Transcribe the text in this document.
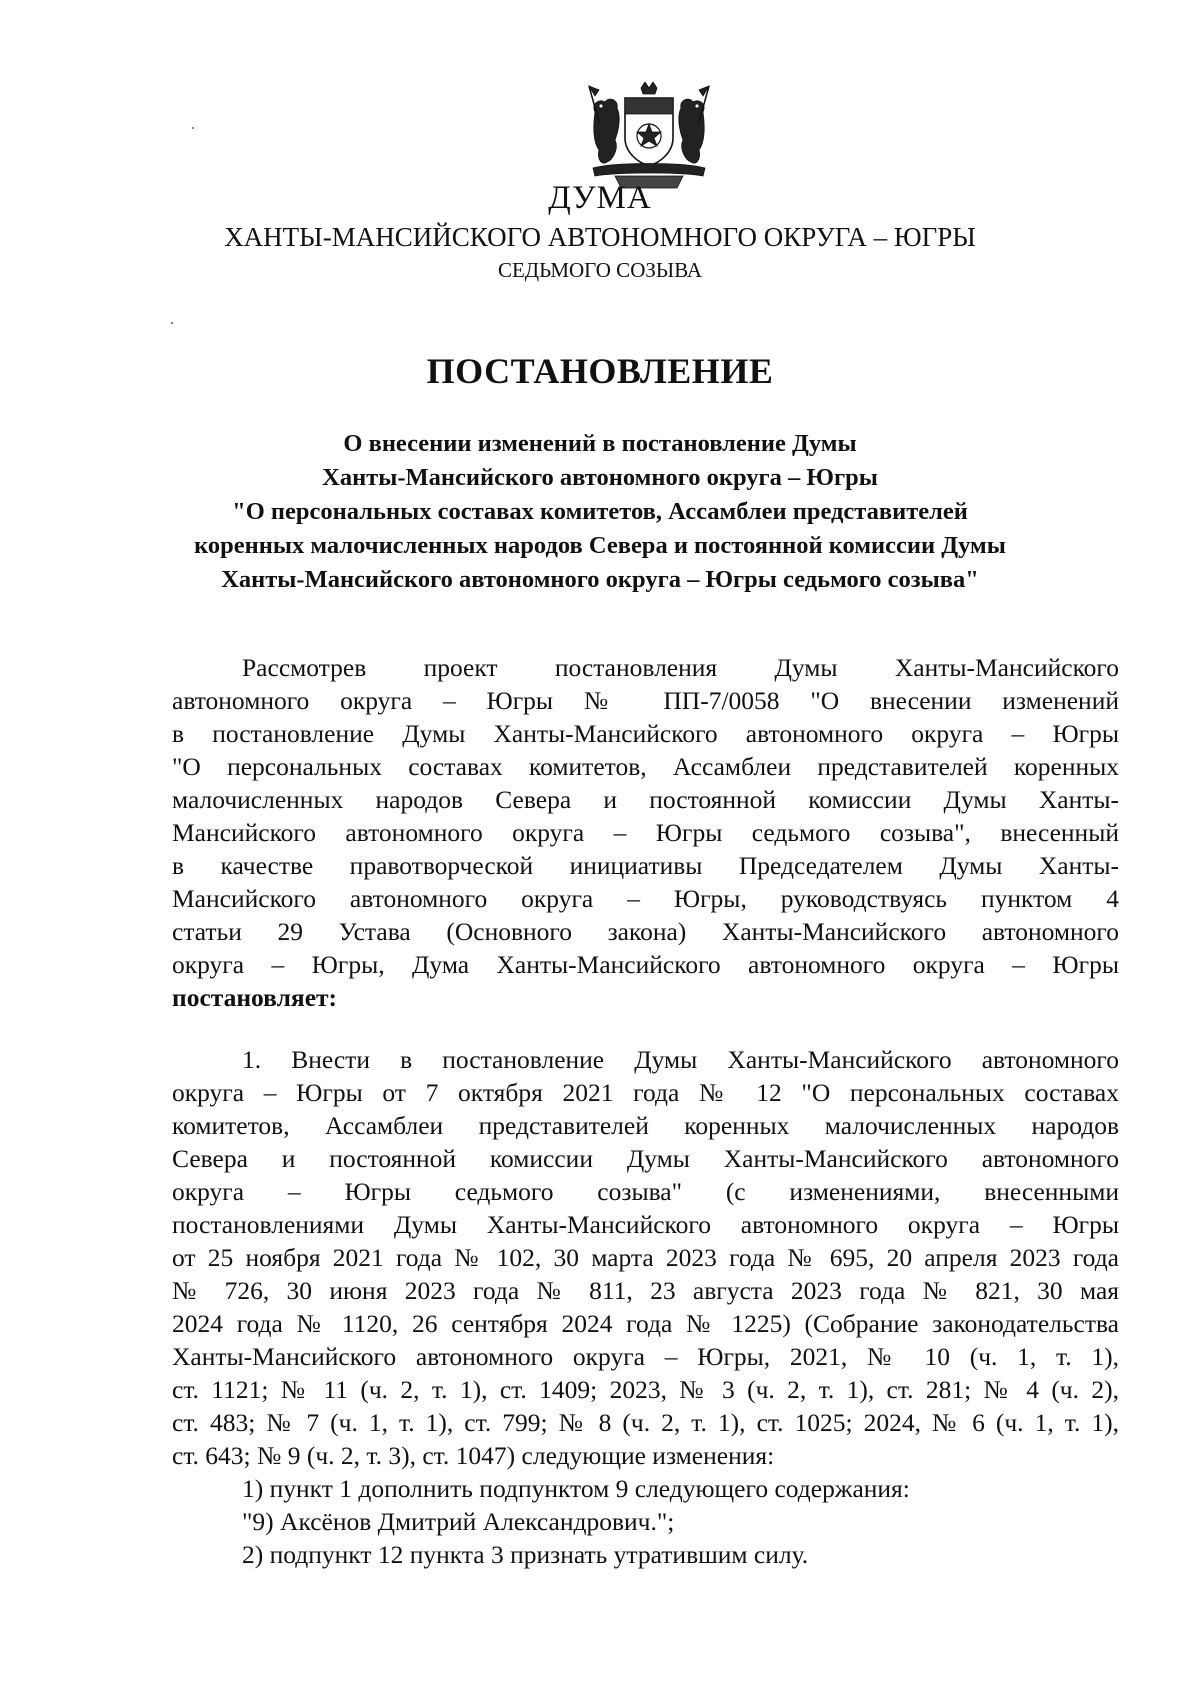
ДУМА
ХАНТЫ-МАНСИЙСКОГО АВТОНОМНОГО ОКРУГА – ЮГРЫ
СЕДЬМОГО СОЗЫВА
ПОСТАНОВЛЕНИЕ
О внесении изменений в постановление Думы
Ханты-Мансийского автономного округа – Югры
"О персональных составах комитетов, Ассамблеи представителей
коренных малочисленных народов Севера и постоянной комиссии Думы
Ханты-Мансийского автономного округа – Югры седьмого созыва"
Рассмотрев проект постановления Думы Ханты-Мансийского
автономного округа – Югры № ПП-7/0058 "О внесении изменений
в постановление Думы Ханты-Мансийского автономного округа – Югры
"О персональных составах комитетов, Ассамблеи представителей коренных
малочисленных народов Севера и постоянной комиссии Думы Ханты-
Мансийского автономного округа – Югры седьмого созыва", внесенный
в качестве правотворческой инициативы Председателем Думы Ханты-
Мансийского автономного округа – Югры, руководствуясь пунктом 4
статьи 29 Устава (Основного закона) Ханты-Мансийского автономного
округа – Югры, Дума Ханты-Мансийского автономного округа – Югры
постановляет:
1. Внести в постановление Думы Ханты-Мансийского автономного
округа – Югры от 7 октября 2021 года № 12 "О персональных составах
комитетов, Ассамблеи представителей коренных малочисленных народов
Севера и постоянной комиссии Думы Ханты-Мансийского автономного
округа – Югры седьмого созыва" (с изменениями, внесенными
постановлениями Думы Ханты-Мансийского автономного округа – Югры
от 25 ноября 2021 года № 102, 30 марта 2023 года № 695, 20 апреля 2023 года
№ 726, 30 июня 2023 года № 811, 23 августа 2023 года № 821, 30 мая
2024 года № 1120, 26 сентября 2024 года № 1225) (Собрание законодательства
Ханты-Мансийского автономного округа – Югры, 2021, № 10 (ч. 1, т. 1),
ст. 1121; № 11 (ч. 2, т. 1), ст. 1409; 2023, № 3 (ч. 2, т. 1), ст. 281; № 4 (ч. 2),
ст. 483; № 7 (ч. 1, т. 1), ст. 799; № 8 (ч. 2, т. 1), ст. 1025; 2024, № 6 (ч. 1, т. 1),
ст. 643; № 9 (ч. 2, т. 3), ст. 1047) следующие изменения:
1) пункт 1 дополнить подпунктом 9 следующего содержания:
"9) Аксёнов Дмитрий Александрович.";
2) подпункт 12 пункта 3 признать утратившим силу.
